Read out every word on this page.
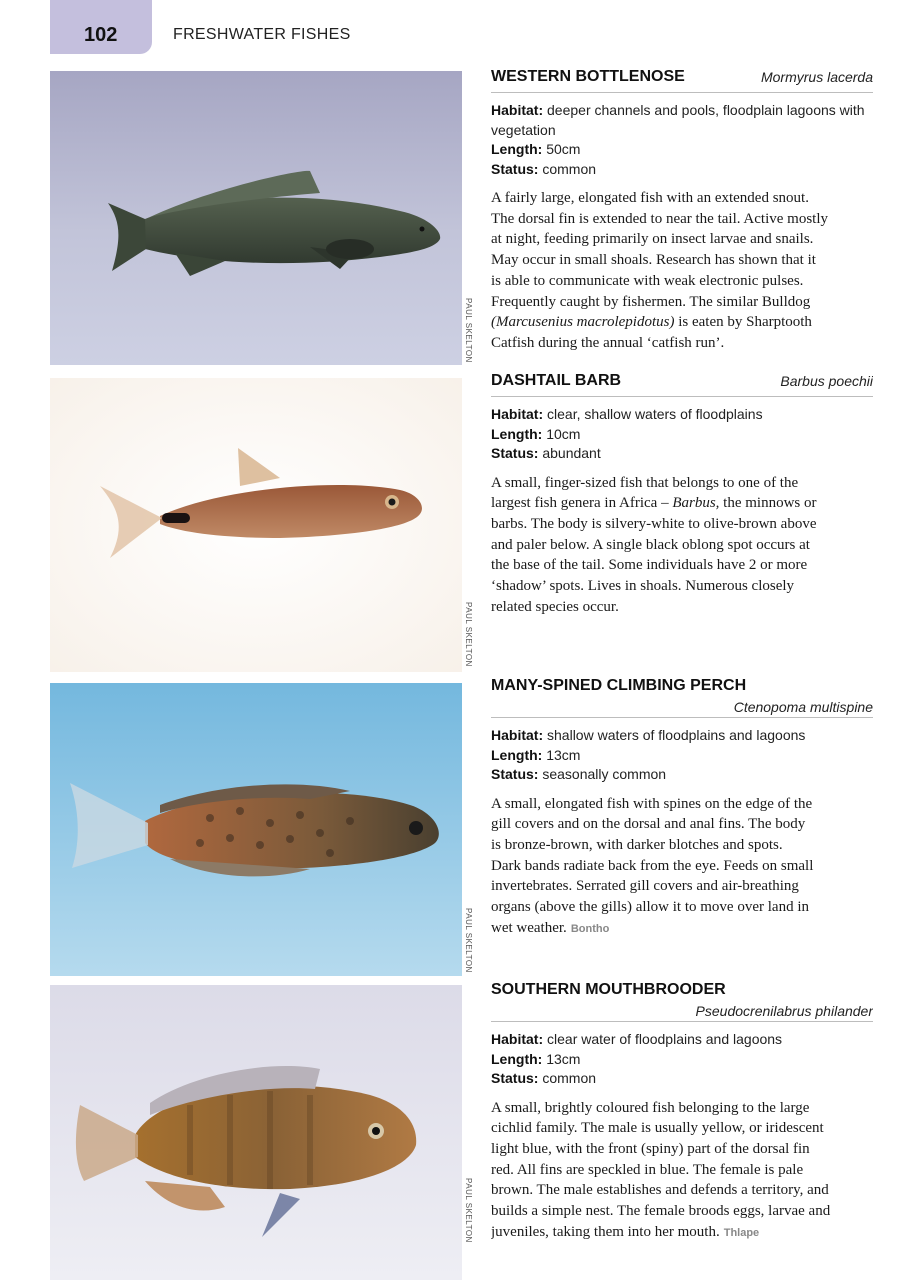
102	FRESHWATER FISHES
PAUL SKELTON
PAUL SKELTON
PAUL SKELTON
PAUL SKELTON
WESTERN BOTTLENOSE	Mormyrus lacerda
Habitat: deeper channels and pools, floodplain lagoons with vegetation
Length: 50cm
Status: common
A fairly large, elongated fish with an extended snout.
The dorsal fin is extended to near the tail. Active mostly
at night, feeding primarily on insect larvae and snails.
May occur in small shoals. Research has shown that it
is able to communicate with weak electronic pulses.
Frequently caught by fishermen. The similar Bulldog
(Marcusenius macrolepidotus) is eaten by Sharptooth
Catfish during the annual ‘catfish run’.
DASHTAIL BARB	Barbus poechii
Habitat: clear, shallow waters of floodplains
Length: 10cm
Status: abundant
A small, finger-sized fish that belongs to one of the
largest fish genera in Africa – Barbus, the minnows or
barbs. The body is silvery-white to olive-brown above
and paler below. A single black oblong spot occurs at
the base of the tail. Some individuals have 2 or more
‘shadow’ spots. Lives in shoals. Numerous closely
related species occur.
MANY-SPINED CLIMBING PERCH
Ctenopoma multispine
Habitat: shallow waters of floodplains and lagoons
Length: 13cm
Status: seasonally common
A small, elongated fish with spines on the edge of the
gill covers and on the dorsal and anal fins. The body
is bronze-brown, with darker blotches and spots.
Dark bands radiate back from the eye. Feeds on small
invertebrates. Serrated gill covers and air-breathing
organs (above the gills) allow it to move over land in
wet weather. Bontho
SOUTHERN MOUTHBROODER
Pseudocrenilabrus philander
Habitat: clear water of floodplains and lagoons
Length: 13cm
Status: common
A small, brightly coloured fish belonging to the large
cichlid family. The male is usually yellow, or iridescent
light blue, with the front (spiny) part of the dorsal fin
red. All fins are speckled in blue. The female is pale
brown. The male establishes and defends a territory, and
builds a simple nest. The female broods eggs, larvae and
juveniles, taking them into her mouth. Thlape
